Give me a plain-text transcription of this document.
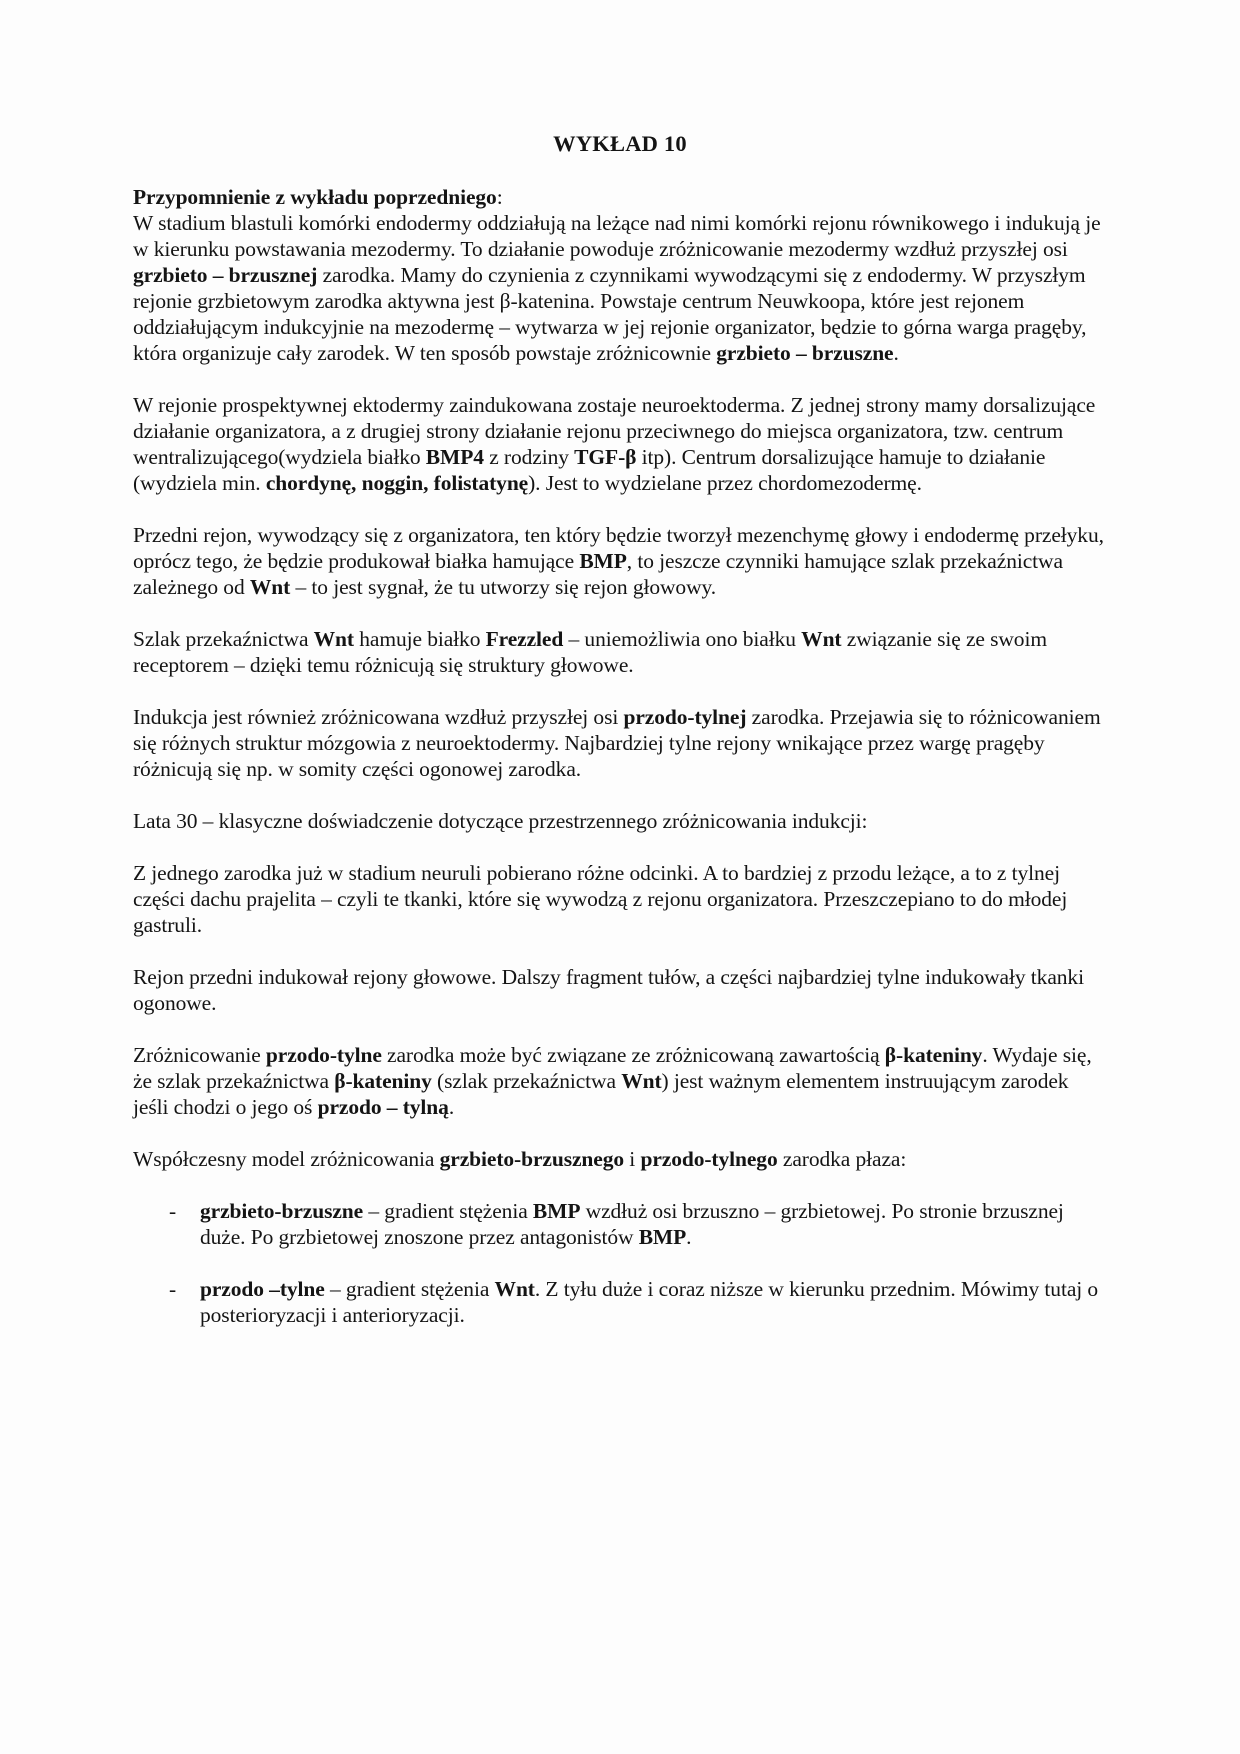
WYKŁAD 10

Przypomnienie z wykładu poprzedniego:

W stadium blastuli komórki endodermy oddziałują na leżące nad nimi komórki rejonu równikowego i indukują je w kierunku powstawania mezodermy. To działanie powoduje zróżnicowanie mezodermy wzdłuż przyszłej osi grzbieto – brzusznej zarodka. Mamy do czynienia z czynnikami wywodzącymi się z endodermy. W przyszłym rejonie grzbietowym zarodka aktywna jest β-katenina. Powstaje centrum Neuwkoopa, które jest rejonem oddziałującym indukcyjnie na mezodermę – wytwarza w jej rejonie organizator, będzie to górna warga pragęby, która organizuje cały zarodek. W ten sposób powstaje zróżnicownie grzbieto – brzuszne.

W rejonie prospektywnej ektodermy zaindukowana zostaje neuroektoderma. Z jednej strony mamy dorsalizujące działanie organizatora, a z drugiej strony działanie rejonu przeciwnego do miejsca organizatora, tzw. centrum wentralizującego(wydziela białko BMP4 z rodziny TGF-β itp). Centrum dorsalizujące hamuje to działanie (wydziela min. chordynę, noggin, folistatynę). Jest to wydzielane przez chordomezodermę.

Przedni rejon, wywodzący się z organizatora, ten który będzie tworzył mezenchymę głowy i endodermę przełyku, oprócz tego, że będzie produkował białka hamujące BMP, to jeszcze czynniki hamujące szlak przekaźnictwa zależnego od Wnt – to jest sygnał, że tu utworzy się rejon głowowy.

Szlak przekaźnictwa Wnt hamuje białko Frezzled – uniemożliwia ono białku Wnt związanie się ze swoim receptorem – dzięki temu różnicują się struktury głowowe.

Indukcja jest również zróżnicowana wzdłuż przyszłej osi przodo-tylnej zarodka. Przejawia się to różnicowaniem się różnych struktur mózgowia z neuroektodermy. Najbardziej tylne rejony wnikające przez wargę pragęby różnicują się np. w somity części ogonowej zarodka.

Lata 30 – klasyczne doświadczenie dotyczące przestrzennego zróżnicowania indukcji:

Z jednego zarodka już w stadium neuruli pobierano różne odcinki. A to bardziej z przodu leżące, a to z tylnej części dachu prajelita – czyli te tkanki, które się wywodzą z rejonu organizatora. Przeszczepiano to do młodej gastruli.

Rejon przedni indukował rejony głowowe. Dalszy fragment tułów, a części najbardziej tylne indukowały tkanki ogonowe.

Zróżnicowanie przodo-tylne zarodka może być związane ze zróżnicowaną zawartością β-kateniny. Wydaje się, że szlak przekaźnictwa β-kateniny (szlak przekaźnictwa Wnt) jest ważnym elementem instruującym zarodek jeśli chodzi o jego oś przodo – tylną.

Współczesny model zróżnicowania grzbieto-brzusznego i przodo-tylnego zarodka płaza:

-	grzbieto-brzuszne – gradient stężenia BMP wzdłuż osi brzuszno – grzbietowej. Po stronie brzusznej duże. Po grzbietowej znoszone przez antagonistów BMP.
-	przodo –tylne – gradient stężenia Wnt. Z tyłu duże i coraz niższe w kierunku przednim. Mówimy tutaj o posterioryzacji i anterioryzacji.
